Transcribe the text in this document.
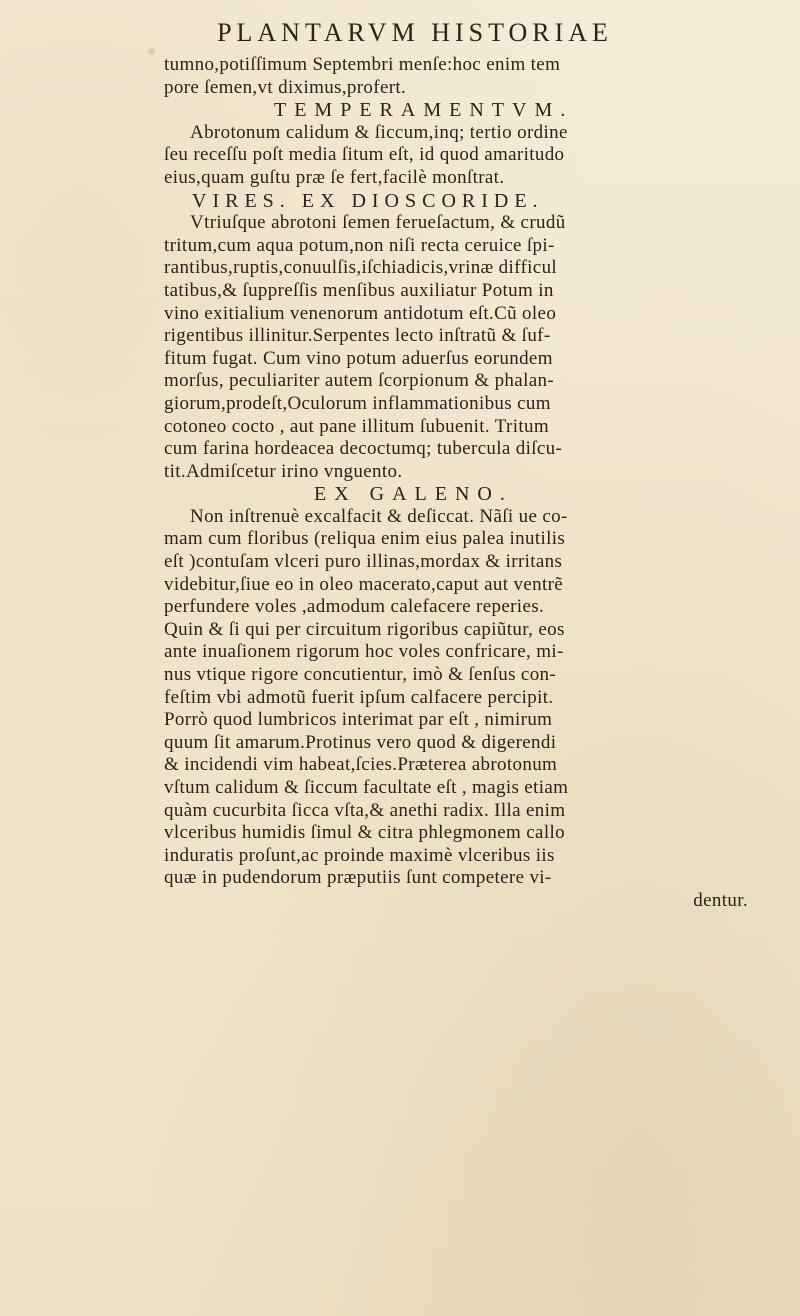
PLANTARVM HISTORIAE
tumno,potiſſimum Septembri menſe:hoc enim tem
pore ſemen,vt diximus,profert.
TEMPERAMENTVM.
Abrotonum calidum & ſiccum,inq; tertio ordine
ſeu receſſu poſt media ſitum eſt, id quod amaritudo
eius,quam guſtu præ ſe fert,facilè monſtrat.
VIRES. EX DIOSCORIDE.
Vtriuſque abrotoni ſemen ferueſactum, & crudũ
tritum,cum aqua potum,non niſi recta ceruice ſpi-
rantibus,ruptis,conuulſis,iſchiadicis,vrinæ difficul
tatibus,& ſuppreſſis menſibus auxiliatur Potum in
vino exitialium venenorum antidotum eſt.Cũ oleo
rigentibus illinitur.Serpentes lecto inſtratũ & ſuf-
fitum fugat. Cum vino potum aduerſus eorundem
morſus, peculiariter autem ſcorpionum & phalan-
giorum,prodeſt,Oculorum inflammationibus cum
cotoneo cocto , aut pane illitum ſubuenit. Tritum
cum farina hordeacea decoctumq; tubercula diſcu-
tit.Admiſcetur irino vnguento.
EX GALENO.
Non inſtrenuè excalfacit & deſiccat. Nãſi ue co-
mam cum floribus (reliqua enim eius palea inutilis
eſt )contuſam vlceri puro illinas,mordax & irritans
videbitur,ſiue eo in oleo macerato,caput aut ventrẽ
perfundere voles ,admodum calefacere reperies.
Quin & ſi qui per circuitum rigoribus capiũtur, eos
ante inuaſionem rigorum hoc voles confricare, mi-
nus vtique rigore concutientur, imò & ſenſus con-
feſtim vbi admotũ fuerit ipſum calfacere percipit.
Porrò quod lumbricos interimat par eſt , nimirum
quum ſit amarum.Protinus vero quod & digerendi
& incidendi vim habeat,ſcies.Præterea abrotonum
vſtum calidum & ſiccum facultate eſt , magis etiam
quàm cucurbita ſicca vſta,& anethi radix. Illa enim
vlceribus humidis ſimul & citra phlegmonem callo
induratis proſunt,ac proinde maximè vlceribus iis
quæ in pudendorum præputiis ſunt competere vi-
dentur.
